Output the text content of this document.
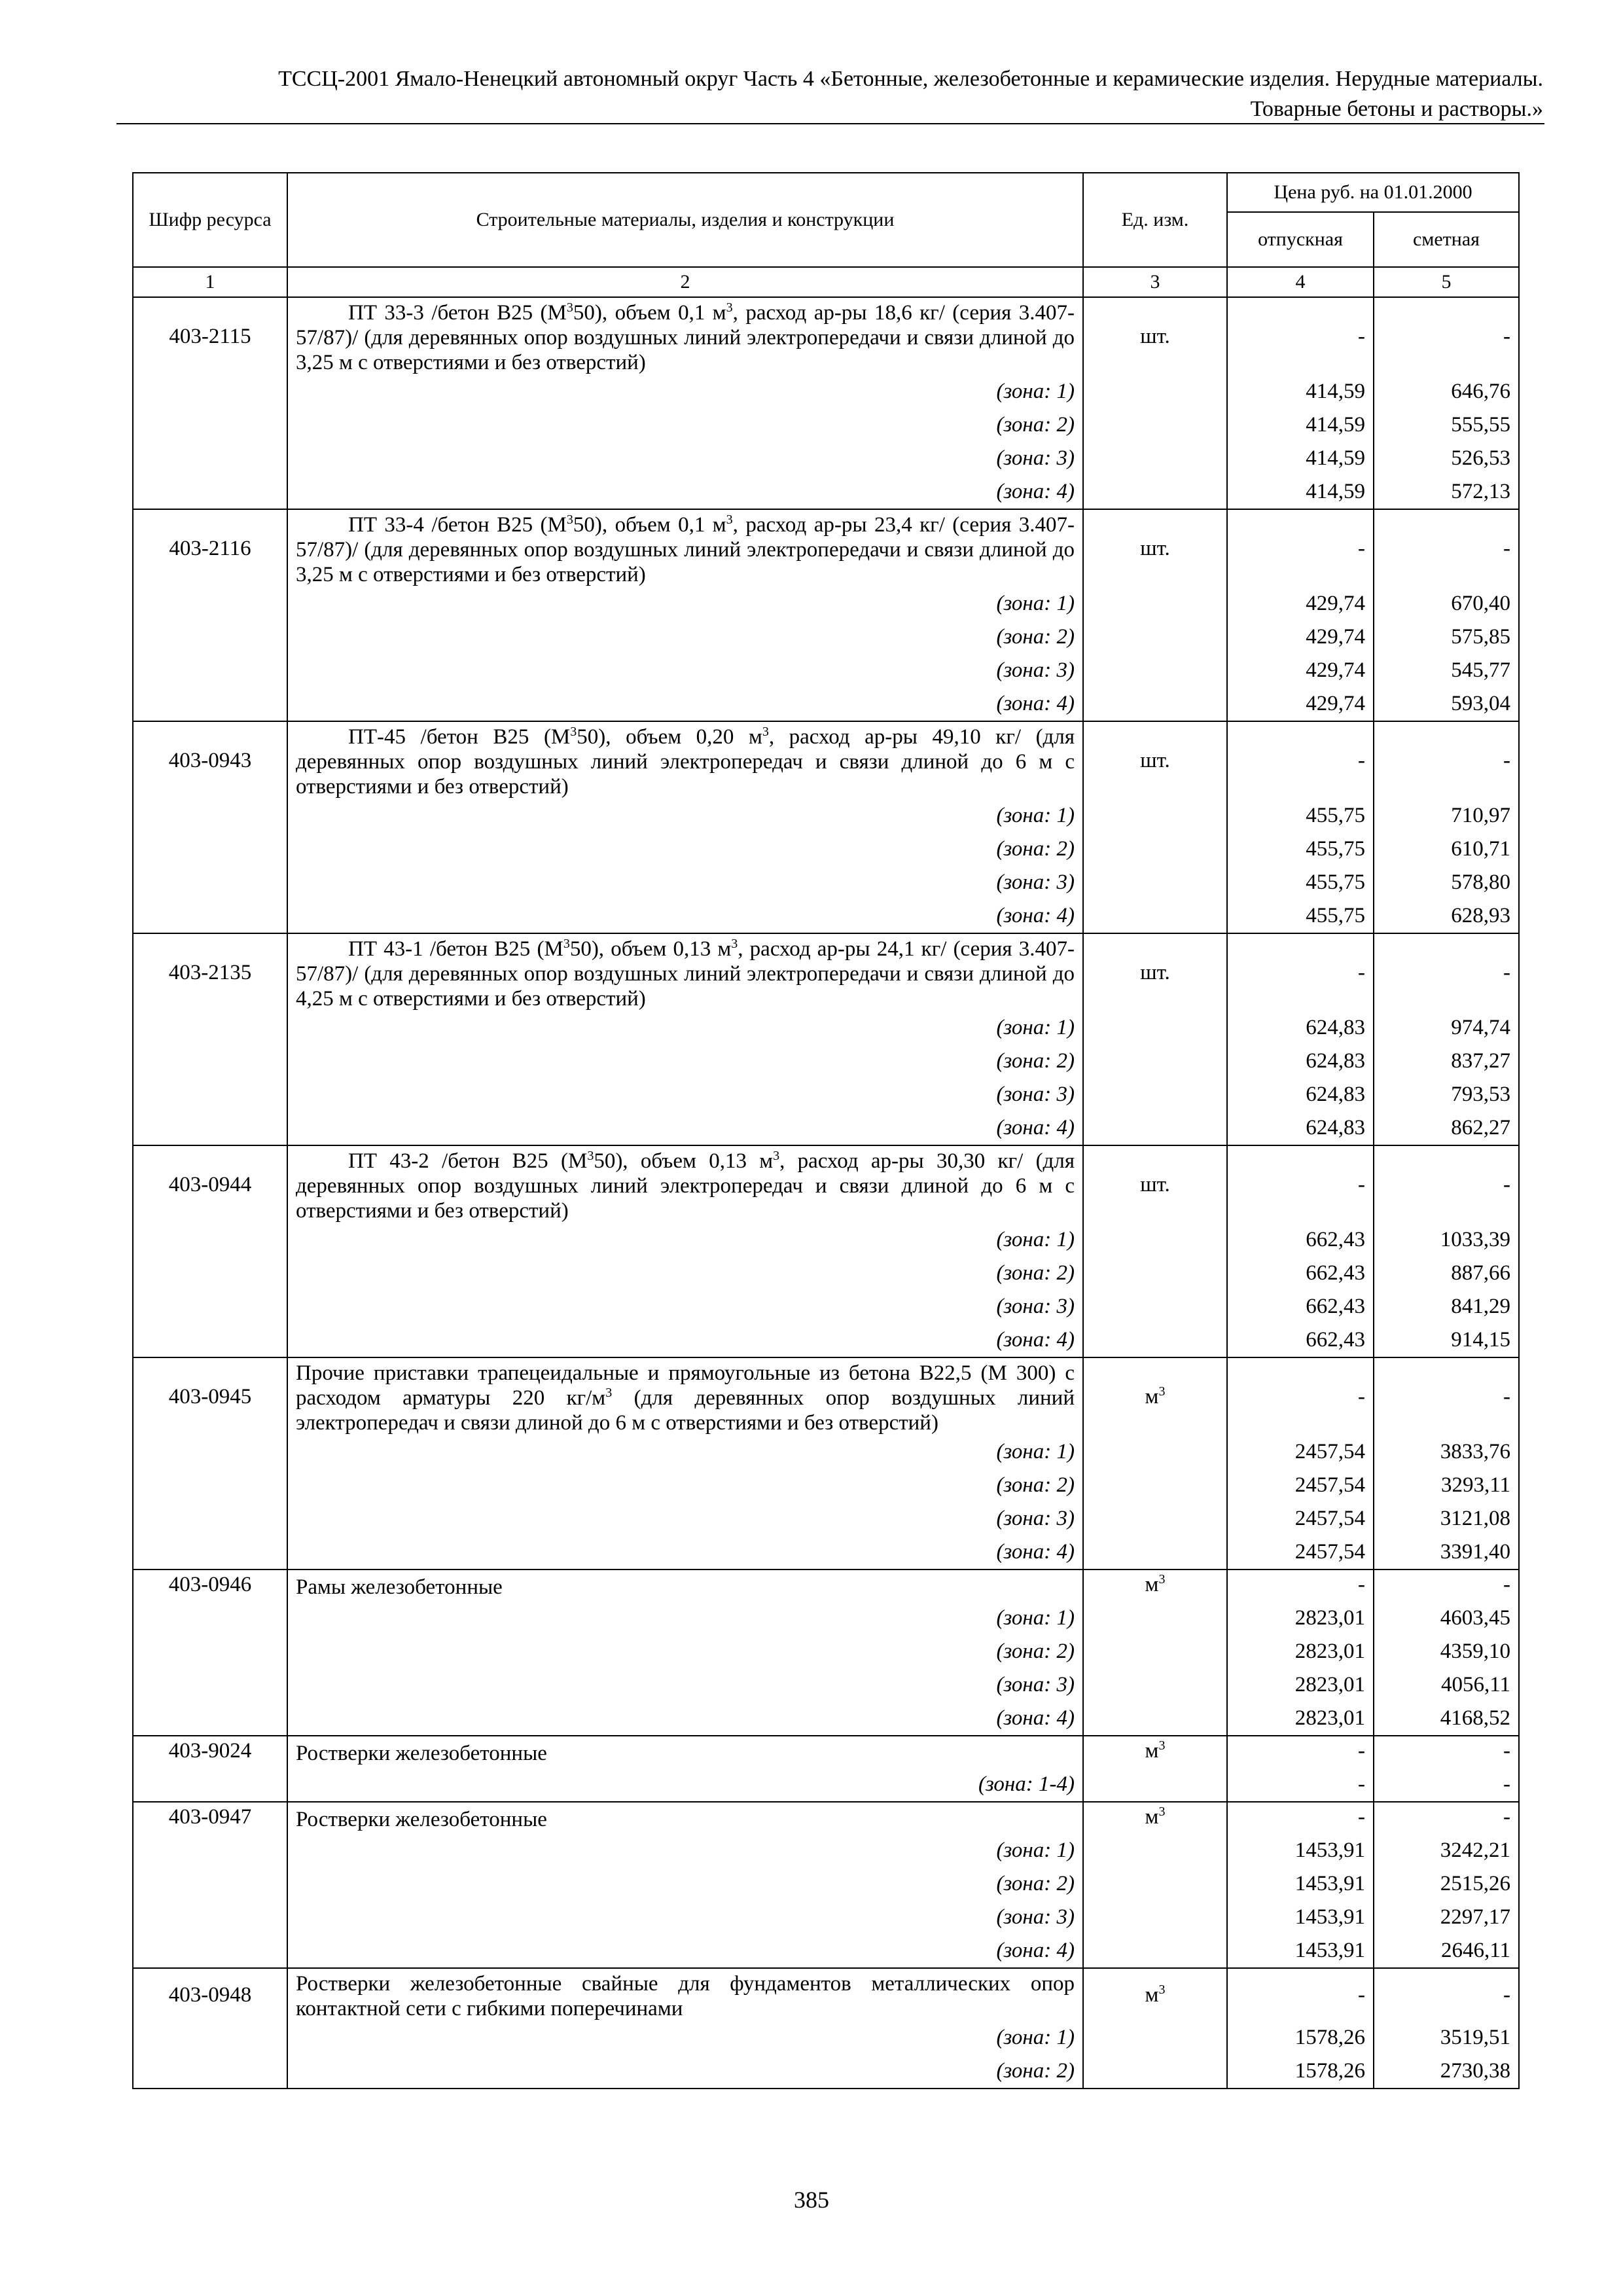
ТССЦ-2001 Ямало-Ненецкий автономный округ Часть 4 «Бетонные, железобетонные и керамические изделия. Нерудные материалы.
Товарные бетоны и растворы.»
Шифр ресурса	Строительные материалы, изделия и конструкции	Ед. изм.	Цена руб. на 01.01.2000	
			отпускная	сметная
1	2	3	4	5
403-2115	ПТ 33-3 /бетон В25 $(М^350)$, объем 0,1 $м^3$, расход ар-ры 18,6 кг/ (серия 3.407-57/87)/ (для деревянных опор воздушных линий электропередачи и связи длиной до 3,25 м с отверстиями и без отверстий)	шт.	-	-
	(зона: 1)		414,59	646,76
	(зона: 2)		414,59	555,55
	(зона: 3)		414,59	526,53
	(зона: 4)		414,59	572,13
403-2116	ПТ 33-4 /бетон В25 $(М^350)$, объем 0,1 $м^3$, расход ар-ры 23,4 кг/ (серия 3.407-57/87)/ (для деревянных опор воздушных линий электропередачи и связи длиной до 3,25 м с отверстиями и без отверстий)	шт.	-	-
	(зона: 1)		429,74	670,40
	(зона: 2)		429,74	575,85
	(зона: 3)		429,74	545,77
	(зона: 4)		429,74	593,04
403-0943	ПТ-45 /бетон В25 $(М^350)$, объем 0,20 $м^3$, расход ар-ры 49,10 кг/ (для деревянных опор воздушных линий электропередач и связи длиной до 6 м с отверстиями и без отверстий)	шт.	-	-
	(зона: 1)		455,75	710,97
	(зона: 2)		455,75	610,71
	(зона: 3)		455,75	578,80
	(зона: 4)		455,75	628,93
403-2135	ПТ 43-1 /бетон В25 $(М^350)$, объем 0,13 $м^3$, расход ар-ры 24,1 кг/ (серия 3.407-57/87)/ (для деревянных опор воздушных линий электропередачи и связи длиной до 4,25 м с отверстиями и без отверстий)	шт.	-	-
	(зона: 1)		624,83	974,74
	(зона: 2)		624,83	837,27
	(зона: 3)		624,83	793,53
	(зона: 4)		624,83	862,27
403-0944	ПТ 43-2 /бетон В25 $(М^350)$, объем 0,13 $м^3$, расход ар-ры 30,30 кг/ (для деревянных опор воздушных линий электропередач и связи длиной до 6 м с отверстиями и без отверстий)	шт.	-	-
	(зона: 1)		662,43	1033,39
	(зона: 2)		662,43	887,66
	(зона: 3)		662,43	841,29
	(зона: 4)		662,43	914,15
403-0945	Прочие приставки трапецеидальные и прямоугольные из бетона В22,5 (М 300) с расходом арматуры 220 $кг/м^3$ (для деревянных опор воздушных линий электропередач и связи длиной до 6 м с отверстиями и без отверстий)	$м^3$	-	-
	(зона: 1)		2457,54	3833,76
	(зона: 2)		2457,54	3293,11
	(зона: 3)		2457,54	3121,08
	(зона: 4)		2457,54	3391,40
403-0946	Рамы железобетонные	$м^3$	-	-
	(зона: 1)		2823,01	4603,45
	(зона: 2)		2823,01	4359,10
	(зона: 3)		2823,01	4056,11
	(зона: 4)		2823,01	4168,52
403-9024	Ростверки железобетонные	$м^3$	-	-
	(зона: 1-4)		-	-
403-0947	Ростверки железобетонные	$м^3$	-	-
	(зона: 1)		1453,91	3242,21
	(зона: 2)		1453,91	2515,26
	(зона: 3)		1453,91	2297,17
	(зона: 4)		1453,91	2646,11
403-0948	Ростверки железобетонные свайные для фундаментов металлических опор контактной сети с гибкими поперечинами	$м^3$	-	-
	(зона: 1)		1578,26	3519,51
	(зона: 2)		1578,26	2730,38
385
